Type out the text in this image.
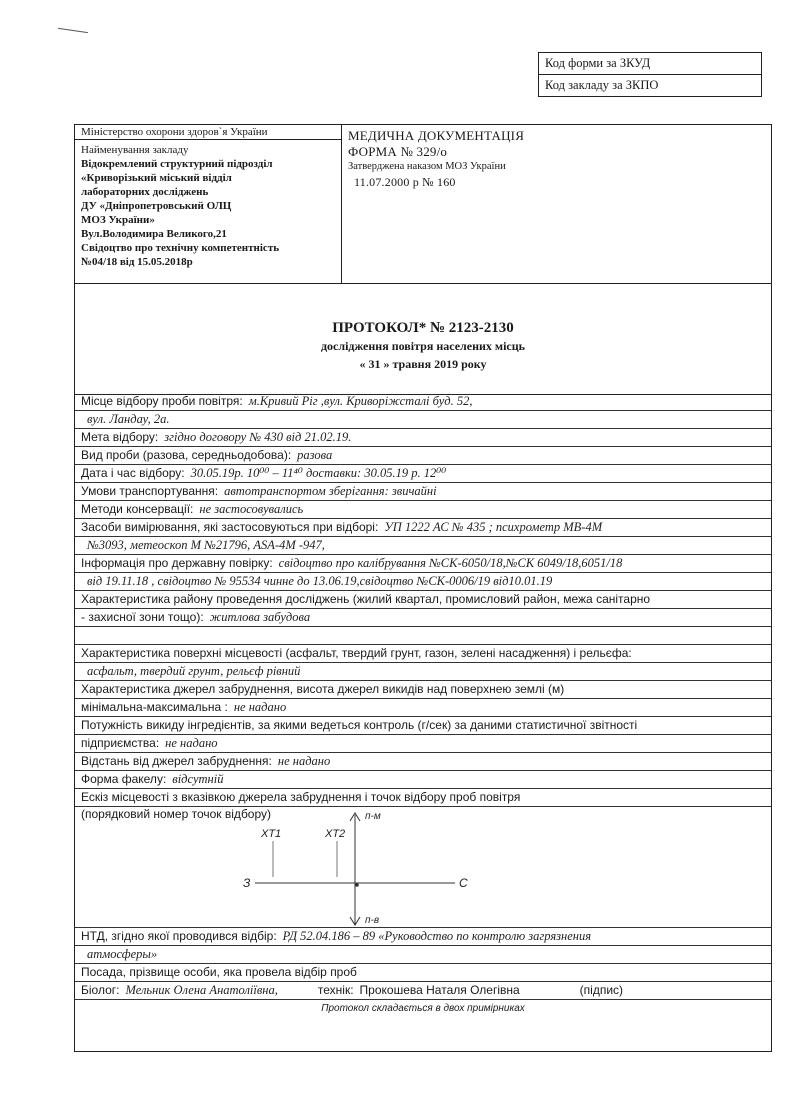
Код форми за ЗКУД
Код закладу за ЗКПО
Міністерство охорони здоров`я України
Найменування закладу
Відокремлений структурний підрозділ
«Криворізький міський відділ
лабораторних досліджень
ДУ «Дніпропетровський ОЛЦ
МОЗ України»
Вул.Володимира Великого,21
Свідоцтво про технічну компетентність
№04/18 від 15.05.2018р
МЕДИЧНА ДОКУМЕНТАЦІЯ
ФОРМА № 329/о
Затверджена наказом МОЗ України
11.07.2000 р № 160
ПРОТОКОЛ* № 2123-2130
дослідження повітря населених місць
« 31 » травня 2019 року
Місце відбору проби повітря: м.Кривий Ріг ,вул. Криворіжсталі буд. 52,
вул. Ландау, 2а.
Мета відбору: згідно договору № 430 від 21.02.19.
Вид проби (разова, середньодобова): разова
Дата і час відбору: 30.05.19р. 10⁰⁰ – 11⁴⁰ доставки: 30.05.19 р. 12⁰⁰
Умови транспортування: автотранспортом зберігання: звичайні
Методи консервації: не застосовувались
Засоби вимірювання, які застосовуються при відборі: УП 1222 АС № 435 ; психрометр МВ-4М
№3093, метеоскоп М №21796, АЅА-4М -947,
Інформація про державну повірку: свідоцтво про калібрування №СК-6050/18,№СК 6049/18,6051/18
від 19.11.18 , свідоцтво № 95534 чинне до 13.06.19,свідоцтво №СК-0006/19 від10.01.19
Характеристика району проведення досліджень (жилий квартал, промисловий район, межа санітарно
- захисної зони тощо): житлова забудова
Характеристика поверхні місцевості (асфальт, твердий грунт, газон, зелені насадження) і рельєфа:
асфальт, твердий грунт, рельєф рівний
Характеристика джерел забруднення, висота джерел викидів над поверхнею землі (м)
мінімальна-максимальна : не надано
Потужність викиду інгредієнтів, за якими ведеться контроль (г/сек) за даними статистичної звітності
підприємства: не надано
Відстань від джерел забруднення: не надано
Форма факелу: відсутній
Ескіз місцевості з вказівкою джерела забруднення і точок відбору проб повітря
(порядковий номер точок відбору)	п-м
п-в
З	С
ХТ1	ХТ2
НТД, згідно якої проводився відбір: РД 52.04.186 – 89 «Руководство по контролю загрязнения
атмосферы»
Посада, прізвище особи, яка провела відбір проб
Біолог: Мельник Олена Анатоліївна,	технік: Прокошева Наталя Олегівна	(підпис)
Протокол складається в двох примірниках
